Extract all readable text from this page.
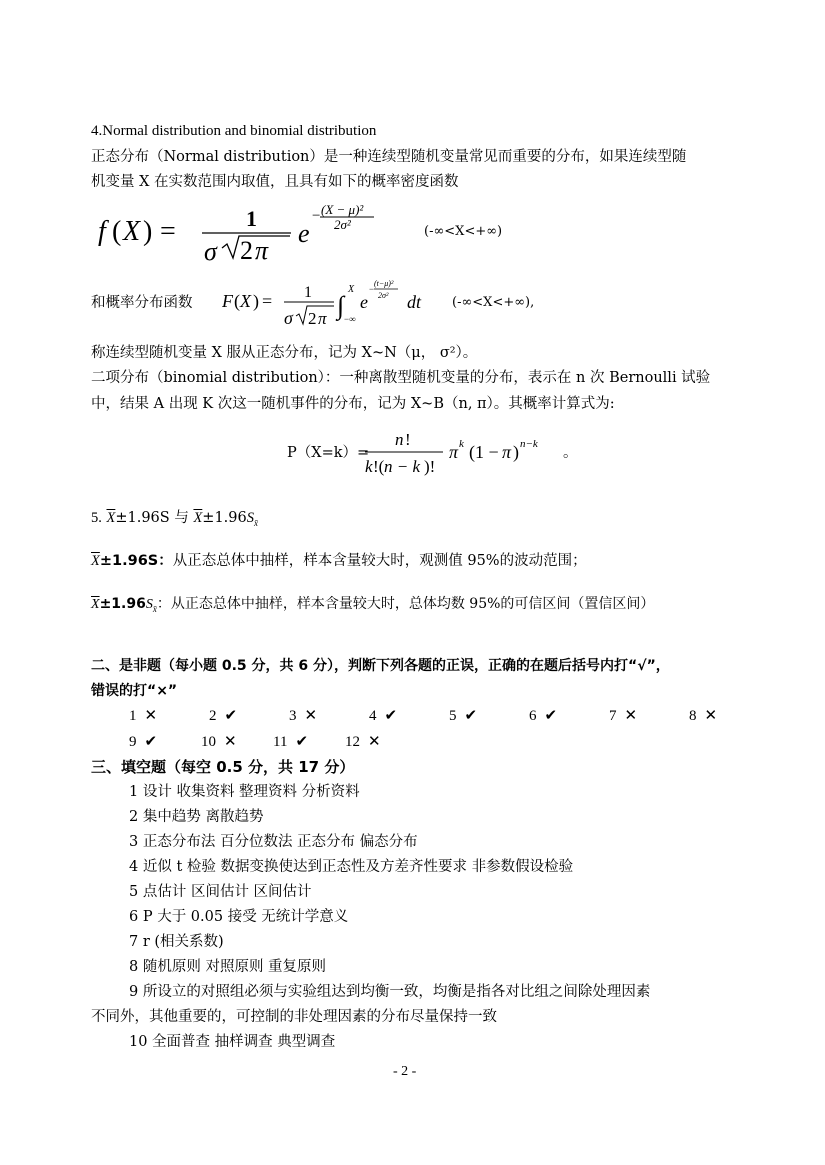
4.Normal distribution and binomial distribution
正态分布（Normal distribution）是一种连续型随机变量常见而重要的分布，如果连续型随
机变量 X 在实数范围内取值，且具有如下的概率密度函数
f ( X ) =	1
σ 2 π
e
− (X − μ)²
2σ²	(-∞<X<+∞)
和概率分布函数 F ( X ) = 1
σ 2 π ∫
X
−∞
e
−
(t−μ)²
2σ² dt (-∞<X<+∞),
称连续型随机变量 X 服从正态分布，记为 X~N（μ， σ²）。
二项分布（binomial distribution）：一种离散型随机变量的分布，表示在 n 次 Bernoulli 试验
中，结果 A 出现 K 次这一随机事件的分布，记为 X~B（n, π）。其概率计算式为:
P（X=k）=
n !
k !( n − k )!
π k (1 − π ) n−k
。
5. $\overline{X}\pm 1.96S$ 与 $\overline{X}\pm 1.96S_{x̄}$
$\overline{X}\pm 1.96S$：从正态总体中抽样，样本含量较大时，观测值 95%的波动范围；
$\overline{X}\pm 1.96S_{x̄}$：从正态总体中抽样，样本含量较大时，总体均数 95%的可信区间（置信区间）
二、是非题（每小题 0.5 分，共 6 分），判断下列各题的正误，正确的在题后括号内打“√”，
错误的打“×”
1 ✕	2 ✔	3 ✕	4 ✔	5 ✔	6 ✔	7 ✕	8 ✕
9 ✔	10 ✕ 11 ✔ 12 ✕
三、填空题（每空 0.5 分，共 17 分）
1 设计 收集资料 整理资料 分析资料
2 集中趋势 离散趋势
3 正态分布法 百分位数法 正态分布 偏态分布
4 近似 t 检验 数据变换使达到正态性及方差齐性要求 非参数假设检验
5 点估计 区间估计 区间估计
6 P 大于 0.05 接受 无统计学意义
7 r (相关系数)
8 随机原则 对照原则 重复原则
9 所设立的对照组必须与实验组达到均衡一致，均衡是指各对比组之间除处理因素
不同外，其他重要的，可控制的非处理因素的分布尽量保持一致
10 全面普查 抽样调查 典型调查
- 2 -
